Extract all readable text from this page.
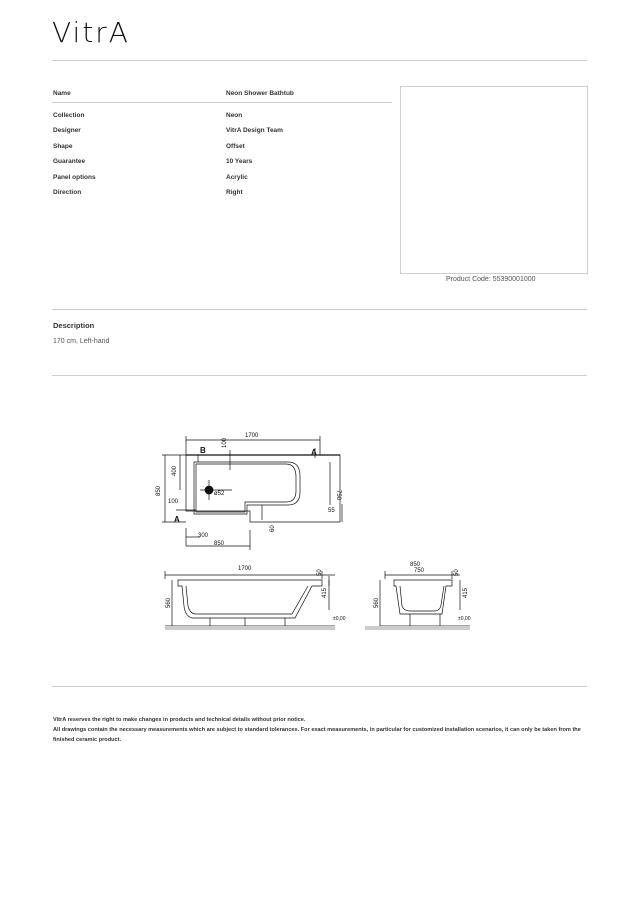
VitrA
Name	Neon Shower Bathtub
Collection	Neon
Designer	VitrA Design Team
Shape	Offset
Guarantee	10 Years
Panel options	Acrylic
Direction	Right
Product Code: 55390001000
Description
170 cm, Left-hand
1700
B	A
A
100
400
850
100
ø52	750
55
60
300
850
1700
50
415
560
±0,00
850
750	50
415
560
±0,00
VitrA reserves the right to make changes in products and technical details without prior notice.
All drawings contain the necessary measurements which are subject to standard tolerances. For exact measurements, in particular for customized installation scenarios, it can only be taken from the finished ceramic product.
